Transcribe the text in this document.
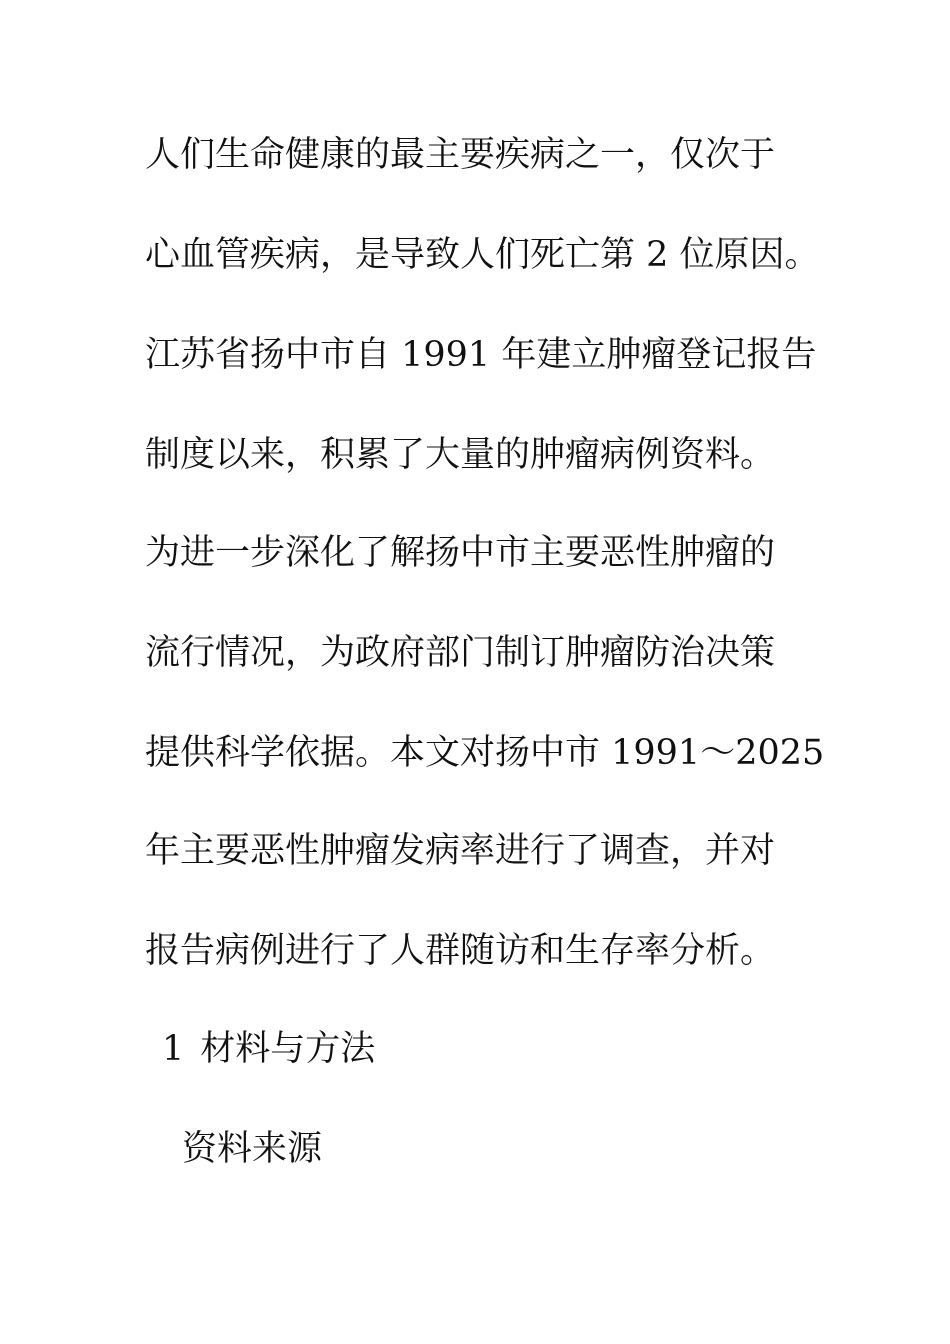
人们生命健康的最主要疾病之一，仅次于
心血管疾病，是导致人们死亡第 2 位原因。
江苏省扬中市自 1991 年建立肿瘤登记报告
制度以来，积累了大量的肿瘤病例资料。
为进一步深化了解扬中市主要恶性肿瘤的
流行情况，为政府部门制订肿瘤防治决策
提供科学依据。本文对扬中市 1991～2025
年主要恶性肿瘤发病率进行了调查，并对
报告病例进行了人群随访和生存率分析。
1 材料与方法
资料来源
